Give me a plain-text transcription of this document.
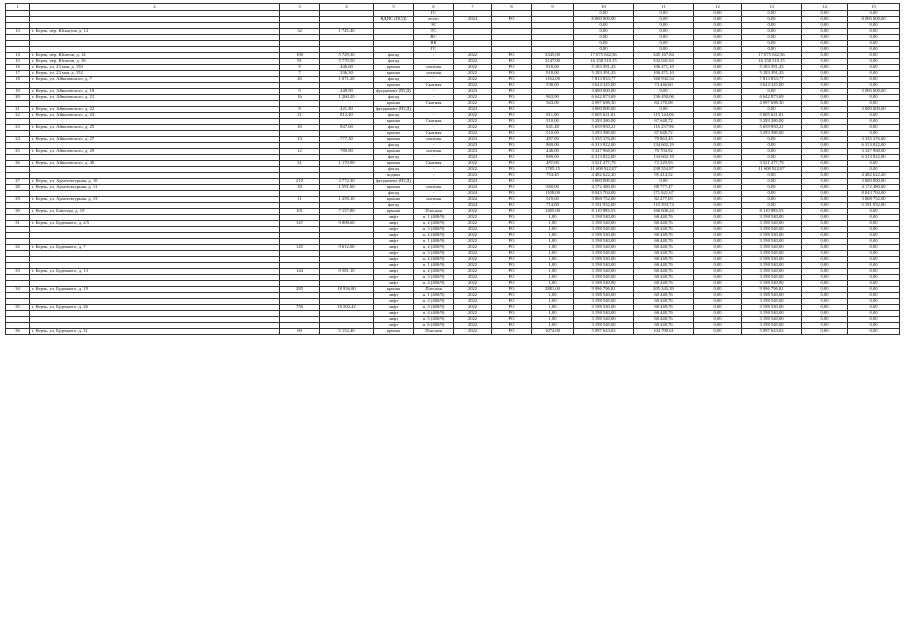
1	2	3	4	5	6	7	8	9	10	11	12	13	14	15
					ГС				0,00	0,00	0,00	0,00	0,00	0,00
				ВДИС (ПСД)	всего	2024	РО		8 000 000,00	0,00	0,00	0,00	0,00	8 000 000,00
					ЭС				0,00	0,00	0,00	0,00	0,00	0,00
13	г. Керчь, пер. Юнацтов, д. 12	32	1 745,40		ТС				0,00	0,00	0,00	0,00	0,00	0,00
					ВС				0,00	0,00	0,00	0,00	0,00	0,00
					ВК				0,00	0,00	0,00	0,00	0,00	0,00
					ГС				0,00	0,00	0,00	0,00	0,00	0,00
14	г. Керчь, пер. Юнатов, д. 14	100	5 729,30	фасад	-	2022	РО	3345,00	17 675 042,56	345 167,84	0,00	17 675 042,56	0,00	0,00
15	г. Керчь, пер. Юнатов, д. 16	91	5 770,50	фасад	-	2022	РО	3147,00	16 158 319,15	332 041,63	0,00	16 158 319,15	0,00	0,00
16	г. Керчь, ул. 23 мая, д. 150	9	446,60	крыша	скатная	2022	РО	918,00	5 183 391,43	106 471,10	0,00	5 183 391,43	0,00	0,00
17	г. Керчь, ул. 23 мая, д. 152	7	336,30	крыша	скатная	2022	РО	918,00	5 183 391,43	106 471,10	0,00	5 183 391,43	0,00	0,00
18	г. Керчь, ул. Айвазовского, д. 7	20	1 071,20	фасад	-	2022	РО	1162,00	7 813 833,77	160 932,54	0,00	7 813 833,77	0,00	0,00
				крыша	Скатная	2022	РО	538,00	3 624 325,00	74 446,60	0,00	3 624 325,00	0,00	0,00
19	г. Керчь, ул. Айвазовского, д. 18	9	448,90	фундамент (ПСД)	-	2023	РО		3 000 000,00	0,00	0,00	0,00	0,00	3 000 000,00
20	г. Керчь, ул. Айвазовского, д. 21	16	1 260,20	фасад	-	2022	РО	963,90	6 642 873,69	136 450,06	0,00	6 642 873,69	0,00	0,00
				крыша	Скатная	2022	РО	563,00	4 097 698,30	84 178,08	0,00	4 097 698,30	0,00	0,00
21	г. Керчь, ул. Айвазовского, д. 22	8	421,40	фундамент (ПСД)	-	2023	РО		3 000 000,00	0,00	0,00	0,00	0,00	3 000 000,00
22	г. Керчь, ул. Айвазовского, д. 23	11	812,40	фасад	-	2022	РО	811,00	5 605 621,81	115 144,06	0,00	5 605 621,81	0,00	0,00
				крыша	Скатная	2022	РО	510,00	3 293 380,00	67 648,72	0,00	3 293 380,00	0,00	0,00
23	г. Керчь, ул. Айвазовского, д. 25	10	847,60	фасад	-	2022	РО	841,48	5 659 850,21	116 257,96	0,00	5 659 850,21	0,00	0,00
				крыша	Скатная	2022	РО	510,00	3 293 380,00	67 648,72	0,00	3 293 380,00	0,00	0,00
24	г. Керчь, ул. Айвазовского, д. 27	13	777,30	крыша	скатная	2023	РО	487,00	3 335 376,00	70 863,45	0,00	0,00	0,00	3 335 376,00
				фасад	-	2023	РО	869,00	6 313 822,00	134 602,19	0,00	0,00	0,00	6 313 822,00
25	г. Керчь, ул. Айвазовского, д. 29	12	780,80	крыша	скатная	2023	РО	446,00	3 327 968,00	70 704,92	0,00	0,00	0,00	3 327 968,00
				фасад	-	2023	РО	869,00	6 313 822,00	134 602,19	0,00	0,00	0,00	6 313 822,00
26	г. Керчь, ул. Айвазовского, д. 40	31	1 170,90	крыша	Скатная	2022	РО	497,00	3 521 277,79	72 329,93	0,00	3 521 277,79	0,00	0,00
				фасад	-	2022	РО	1785,15	11 608 922,07	238 554,87	0,00	11 608 922,07	0,00	0,00
				подвал	-	2023	РО	754,45	4 482 622,20	95 414,52	0,00	0,00	0,00	4 482 622,20
27	г. Керчь, ул. Архитектурная, д. 10	210	3 772,30	фундамент (ПСД)	-	2023	РО		3 000 000,00	0,00	0,00	0,00	0,00	3 000 000,00
28	г. Керчь, ул. Архитектурная, д. 11	18	1 591,60	крыша	скатная	2024	РО	560,00	4 172 480,00	88 777,47	0,00	0,00	0,00	4 172 480,00
				фасад	-	2024	РО	1108,00	8 043 704,00	171 621,67	0,00	0,00	0,00	8 043 704,00
29	г. Керчь, ул. Архитектурная, д. 13	11	1 259,10	крыша	скатная	2024	РО	519,00	3 868 752,00	82 277,69	0,00	0,00	0,00	3 868 752,00
				фасад	-	2024	РО	714,00	5 191 932,00	110 593,74	0,00	0,00	0,00	5 191 932,00
30	г. Керчь, ул. Блюхера, д. 19	101	7 157,80	крыша	Плоская	2022	РО	1405,00	8 110 983,53	166 606,24	0,00	8 110 983,53	0,00	0,00
				лифт	п. 1 (400/9)	2022	РО	1,00	3 198 540,00	68 448,76	0,00	3 198 540,00	0,00	0,00
31	г. Керчь, ул. Буденного, д. 2/5	147	9 808,60	лифт	п. 2 (400/9)	2022	РО	1,00	3 198 540,00	68 448,76	0,00	3 198 540,00	0,00	0,00
				лифт	п. 3 (400/9)	2022	РО	1,00	3 198 540,00	68 448,76	0,00	3 198 540,00	0,00	0,00
				лифт	п. 4 (400/9)	2022	РО	1,00	3 198 540,00	68 448,76	0,00	3 198 540,00	0,00	0,00
				лифт	п. 1 (400/9)	2022	РО	1,00	3 198 540,00	68 448,76	0,00	3 198 540,00	0,00	0,00
32	г. Керчь, ул. Буденного, д. 7	145	9 612,00	лифт	п. 2 (400/9)	2022	РО	1,00	3 198 540,00	68 448,76	0,00	3 198 540,00	0,00	0,00
				лифт	п. 3 (400/9)	2022	РО	1,00	3 198 540,00	68 448,76	0,00	3 198 540,00	0,00	0,00
				лифт	п. 4 (400/9)	2022	РО	1,00	3 198 540,00	68 448,76	0,00	3 198 540,00	0,00	0,00
				лифт	п. 1 (400/9)	2022	РО	1,00	3 198 540,00	68 448,76	0,00	3 198 540,00	0,00	0,00
33	г. Керчь, ул. Буденного, д. 13	144	9 581,10	лифт	п. 2 (400/9)	2022	РО	1,00	3 198 540,00	68 448,76	0,00	3 198 540,00	0,00	0,00
				лифт	п. 3 (400/9)	2022	РО	1,00	3 198 540,00	68 448,76	0,00	3 198 540,00	0,00	0,00
				лифт	п. 4 (400/9)	2022	РО	1,00	3 198 540,00	68 448,76	0,00	3 198 540,00	0,00	0,00
34	г. Керчь, ул. Буденного, д. 19	285	18 956,80	крыша	Плоская	2022	РО	2881,00	9 996 796,81	205 343,39	0,00	9 996 796,81	0,00	0,00
				лифт	п. 1 (400/9)	2022	РО	1,00	3 198 540,00	68 448,76	0,00	3 198 540,00	0,00	0,00
				лифт	п. 2 (400/9)	2022	РО	1,00	3 198 540,00	68 448,76	0,00	3 198 540,00	0,00	0,00
35	г. Керчь, ул. Буденного, д. 26	756	16 502,42	лифт	п. 3 (400/9)	2022	РО	1,00	3 198 540,00	68 448,76	0,00	3 198 540,00	0,00	0,00
				лифт	п. 4 (400/9)	2022	РО	1,00	3 198 540,00	68 448,76	0,00	3 198 540,00	0,00	0,00
				лифт	п. 5 (400/9)	2022	РО	1,00	3 198 540,00	68 448,76	0,00	3 198 540,00	0,00	0,00
				лифт	п. 6 (400/9)	2022	РО	1,00	3 198 540,00	68 448,76	0,00	3 198 540,00	0,00	0,00
36	г. Керчь, ул. Буденного, д. 31	69	5 152,40	крыша	Плоская	2022	РО	1074,00	5 097 623,65	104 709,61	0,00	5 097 623,65	0,00	0,00
